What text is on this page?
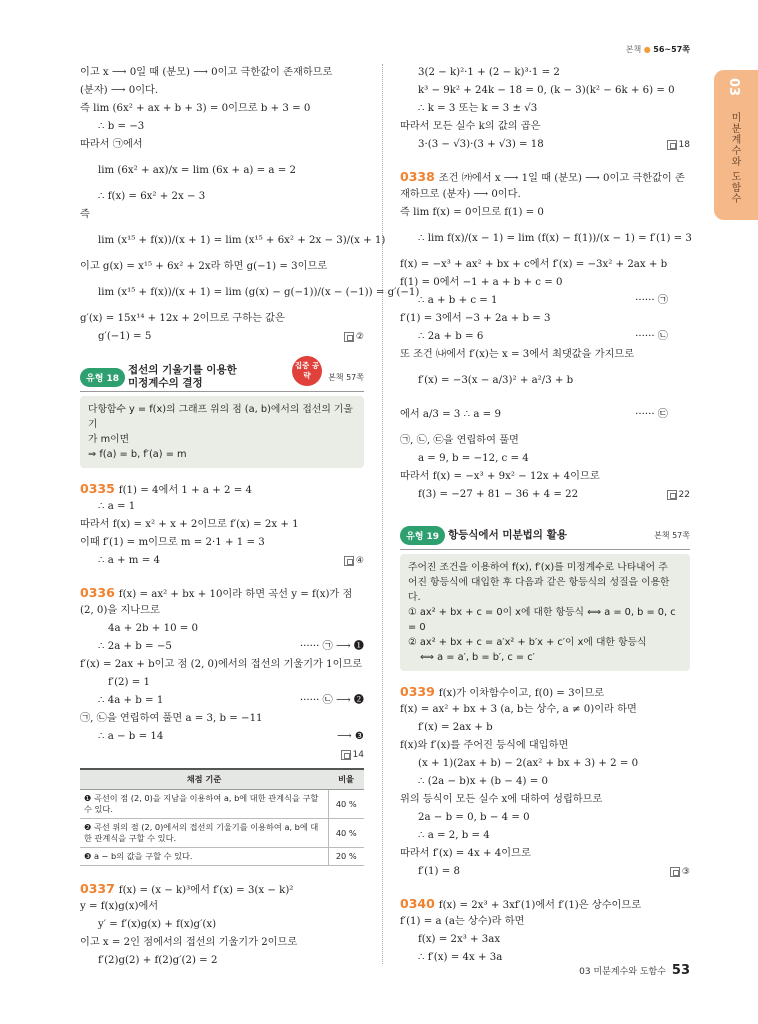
본책 ● 56~57쪽
03
미분계수와 도함수
이고 x ⟶ 0일 때 (분모) ⟶ 0이고 극한값이 존재하므로
(분자) ⟶ 0이다.
즉 lim (6x² + ax + b + 3) = 0이므로 b + 3 = 0
∴ b = −3
따라서 ㉠에서
lim (6x² + ax)/x = lim (6x + a) = a = 2
∴ f(x) = 6x² + 2x − 3
즉
lim (x¹⁵ + f(x))/(x + 1) = lim (x¹⁵ + 6x² + 2x − 3)/(x + 1)
이고 g(x) = x¹⁵ + 6x² + 2x라 하면 g(−1) = 3이므로
lim (x¹⁵ + f(x))/(x + 1) = lim (g(x) − g(−1))/(x − (−1)) = g′(−1)
g′(x) = 15x¹⁴ + 12x + 2이므로 구하는 값은
g′(−1) = 5	②
유형 18
접선의 기울기를 이용한
미정계수의 결정
집중 공략	본책 57쪽
다항함수 y = f(x)의 그래프 위의 점 (a, b)에서의 접선의 기울기
가 m이면
⇒ f(a) = b, f′(a) = m
0335 f(1) = 4에서 1 + a + 2 = 4
∴ a = 1
따라서 f(x) = x² + x + 2이므로 f′(x) = 2x + 1
이때 f′(1) = m이므로 m = 2·1 + 1 = 3
∴ a + m = 4	④
0336 f(x) = ax² + bx + 10이라 하면 곡선 y = f(x)가 점
(2, 0)을 지나므로
4a + 2b + 10 = 0
∴ 2a + b = −5	······ ㉠ ⟶ ❶
f′(x) = 2ax + b이고 점 (2, 0)에서의 접선의 기울기가 1이므로
f′(2) = 1
∴ 4a + b = 1	······ ㉡ ⟶ ❷
㉠, ㉡을 연립하여 풀면 a = 3, b = −11
∴ a − b = 14	⟶ ❸
14
채점 기준	비율
❶ 곡선이 점 (2, 0)을 지남을 이용하여 a, b에 대한 관계식을 구할 수 있다.	40 %
❷ 곡선 위의 점 (2, 0)에서의 접선의 기울기를 이용하여 a, b에 대한 관계식을 구할 수 있다.	40 %
❸ a − b의 값을 구할 수 있다.	20 %
0337 f(x) = (x − k)³에서 f′(x) = 3(x − k)²
y = f(x)g(x)에서
y′ = f′(x)g(x) + f(x)g′(x)
이고 x = 2인 점에서의 접선의 기울기가 2이므로
f′(2)g(2) + f(2)g′(2) = 2
3(2 − k)²·1 + (2 − k)³·1 = 2
k³ − 9k² + 24k − 18 = 0, (k − 3)(k² − 6k + 6) = 0
∴ k = 3 또는 k = 3 ± √3
따라서 모든 실수 k의 값의 곱은
3·(3 − √3)·(3 + √3) = 18	18
0338 조건 ㈎에서 x ⟶ 1일 때 (분모) ⟶ 0이고 극한값이 존
재하므로 (분자) ⟶ 0이다.
즉 lim f(x) = 0이므로 f(1) = 0
∴ lim f(x)/(x − 1) = lim (f(x) − f(1))/(x − 1) = f′(1) = 3
f(x) = −x³ + ax² + bx + c에서 f′(x) = −3x² + 2ax + b
f(1) = 0에서 −1 + a + b + c = 0
∴ a + b + c = 1	······ ㉠
f′(1) = 3에서 −3 + 2a + b = 3
∴ 2a + b = 6	······ ㉡
또 조건 ㈏에서 f′(x)는 x = 3에서 최댓값을 가지므로
f′(x) = −3(x − a/3)² + a²/3 + b
에서 a/3 = 3 ∴ a = 9	······ ㉢
㉠, ㉡, ㉢을 연립하여 풀면
a = 9, b = −12, c = 4
따라서 f(x) = −x³ + 9x² − 12x + 4이므로
f(3) = −27 + 81 − 36 + 4 = 22	22
유형 19 항등식에서 미분법의 활용	본책 57쪽
주어진 조건을 이용하여 f(x), f′(x)를 미정계수로 나타내어 주
어진 항등식에 대입한 후 다음과 같은 항등식의 성질을 이용한다.
① ax² + bx + c = 0이 x에 대한 항등식 ⟺ a = 0, b = 0, c = 0
② ax² + bx + c = a′x² + b′x + c′이 x에 대한 항등식
⟺ a = a′, b = b′, c = c′
0339 f(x)가 이차함수이고, f(0) = 3이므로
f(x) = ax² + bx + 3 (a, b는 상수, a ≠ 0)이라 하면
f′(x) = 2ax + b
f(x)와 f′(x)를 주어진 등식에 대입하면
(x + 1)(2ax + b) − 2(ax² + bx + 3) + 2 = 0
∴ (2a − b)x + (b − 4) = 0
위의 등식이 모든 실수 x에 대하여 성립하므로
2a − b = 0, b − 4 = 0
∴ a = 2, b = 4
따라서 f′(x) = 4x + 4이므로
f′(1) = 8	③
0340 f(x) = 2x³ + 3xf′(1)에서 f′(1)은 상수이므로
f′(1) = a (a는 상수)라 하면
f(x) = 2x³ + 3ax
∴ f′(x) = 4x + 3a
03 미분계수와 도함수 53
